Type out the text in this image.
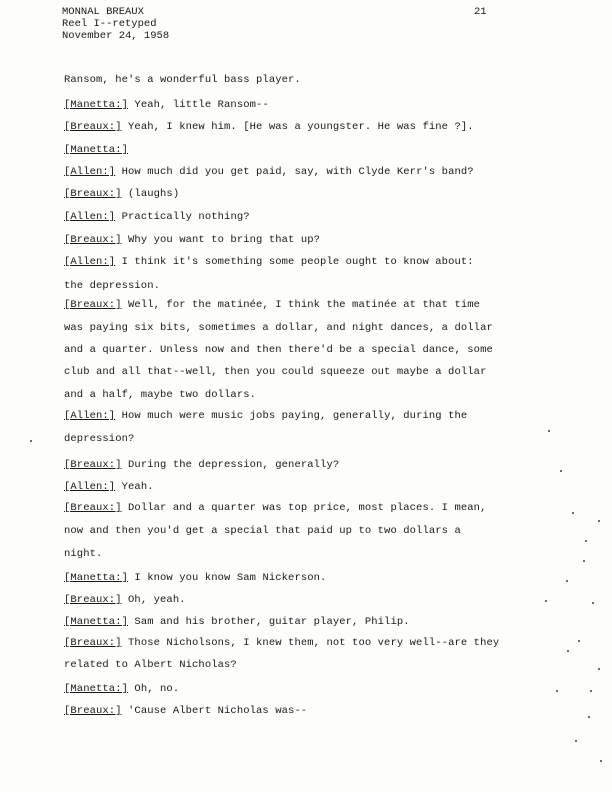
MONNAL BREAUX
Reel I--retyped
November 24, 1958
21
Ransom, he's a wonderful bass player.
[Manetta:] Yeah, little Ransom--
[Breaux:] Yeah, I knew him. [He was a youngster. He was fine ?].
[Manetta:]
[Allen:] How much did you get paid, say, with Clyde Kerr's band?
[Breaux:] (laughs)
[Allen:] Practically nothing?
[Breaux:] Why you want to bring that up?
[Allen:] I think it's something some people ought to know about:
the depression.
[Breaux:] Well, for the matinée, I think the matinée at that time
was paying six bits, sometimes a dollar, and night dances, a dollar
and a quarter. Unless now and then there'd be a special dance, some
club and all that--well, then you could squeeze out maybe a dollar
and a half, maybe two dollars.
[Allen:] How much were music jobs paying, generally, during the
depression?
[Breaux:] During the depression, generally?
[Allen:] Yeah.
[Breaux:] Dollar and a quarter was top price, most places. I mean,
now and then you'd get a special that paid up to two dollars a
night.
[Manetta:] I know you know Sam Nickerson.
[Breaux:] Oh, yeah.
[Manetta:] Sam and his brother, guitar player, Philip.
[Breaux:] Those Nicholsons, I knew them, not too very well--are they
related to Albert Nicholas?
[Manetta:] Oh, no.
[Breaux:] 'Cause Albert Nicholas was--
